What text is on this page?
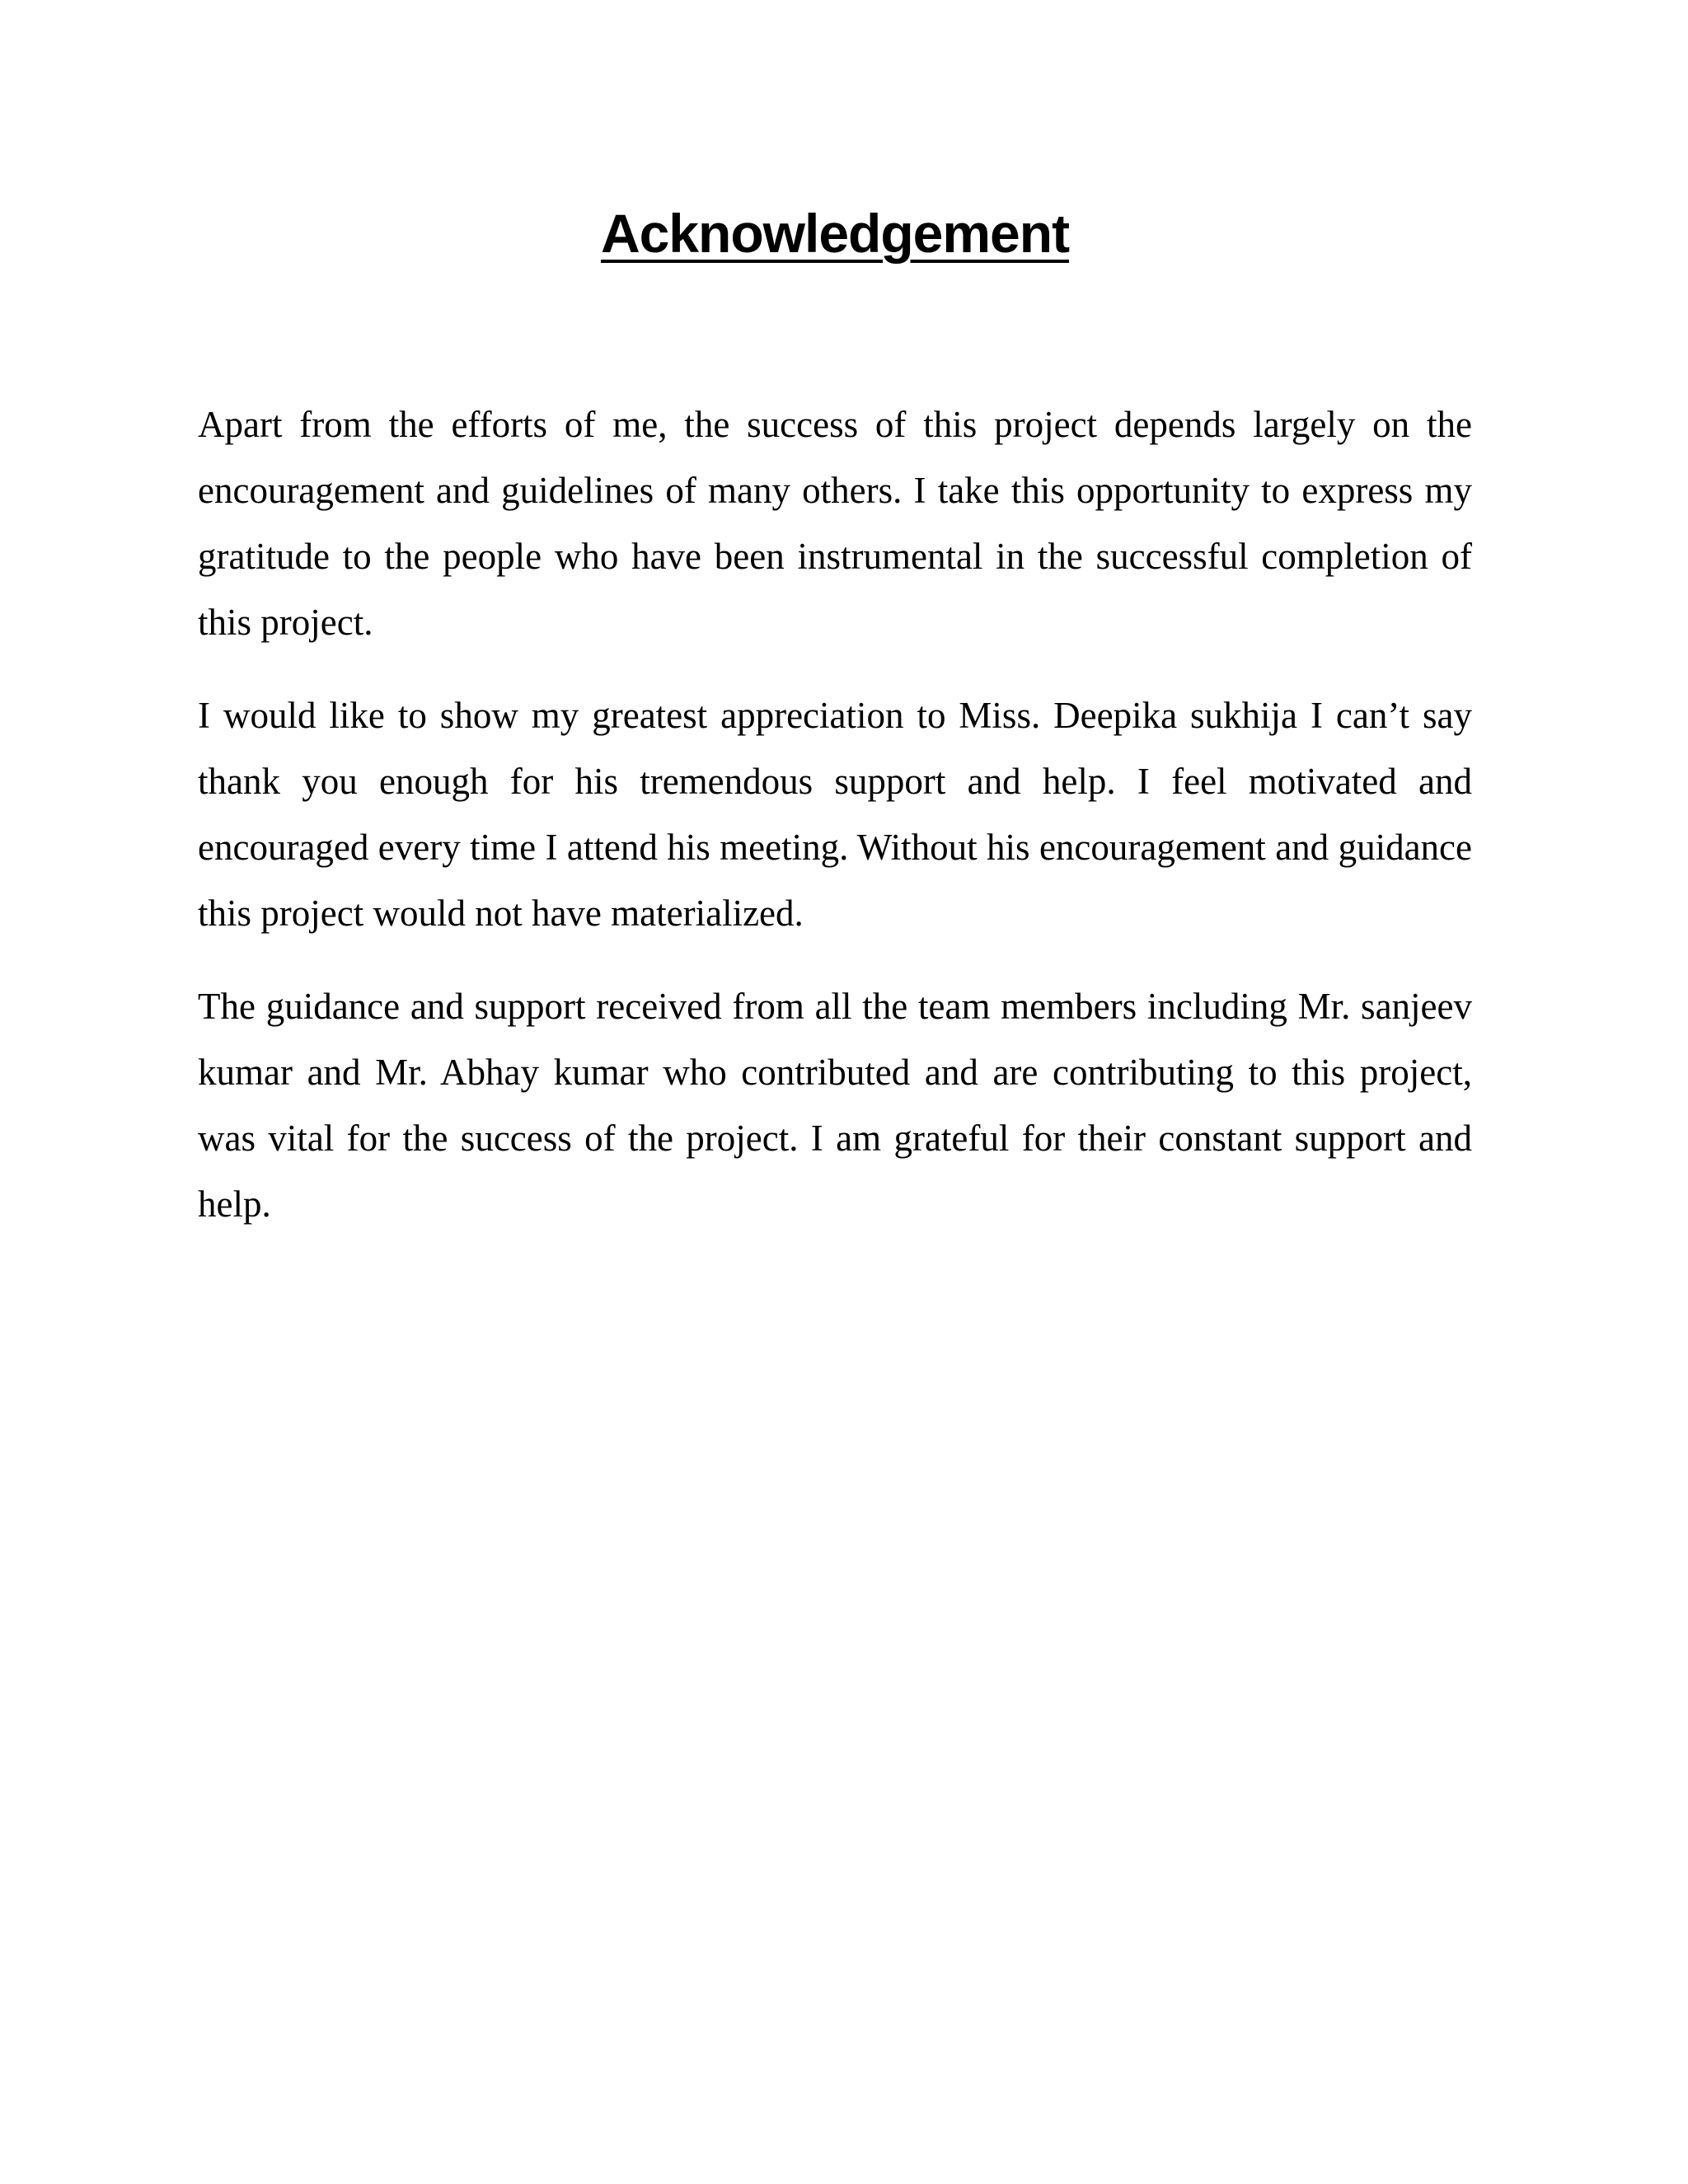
Acknowledgement

Apart from the efforts of me, the success of this project depends largely on the encouragement and guidelines of many others. I take this opportunity to express my gratitude to the people who have been instrumental in the successful completion of this project.

I would like to show my greatest appreciation to Miss. Deepika sukhija I can’t say thank you enough for his tremendous support and help. I feel motivated and encouraged every time I attend his meeting. Without his encouragement and guidance this project would not have materialized.

The guidance and support received from all the team members including Mr. sanjeev kumar and Mr. Abhay kumar who contributed and are contributing to this project, was vital for the success of the project. I am grateful for their constant support and help.
